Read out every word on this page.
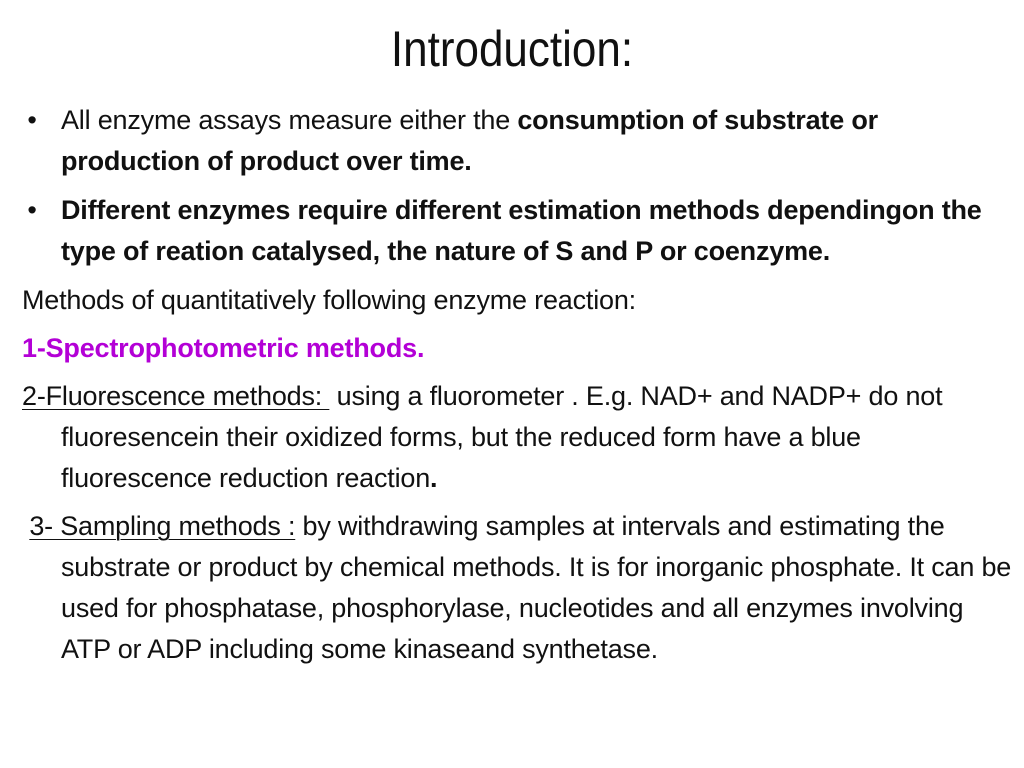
Introduction:

• All enzyme assays measure either the consumption of substrate or production of product over time.

• Different enzymes require different estimation methods dependingon the type of reation catalysed, the nature of S and P or coenzyme.

Methods of quantitatively following enzyme reaction:

1-Spectrophotometric methods.

2-Fluorescence methods:  using a fluorometer . E.g. NAD+ and NADP+ do not fluoresencein their oxidized forms, but the reduced form have a blue fluorescence reduction reaction.

3- Sampling methods : by withdrawing samples at intervals and estimating the substrate or product by chemical methods. It is for inorganic phosphate. It can be used for phosphatase, phosphorylase, nucleotides and all enzymes involving ATP or ADP including some kinaseand synthetase.
